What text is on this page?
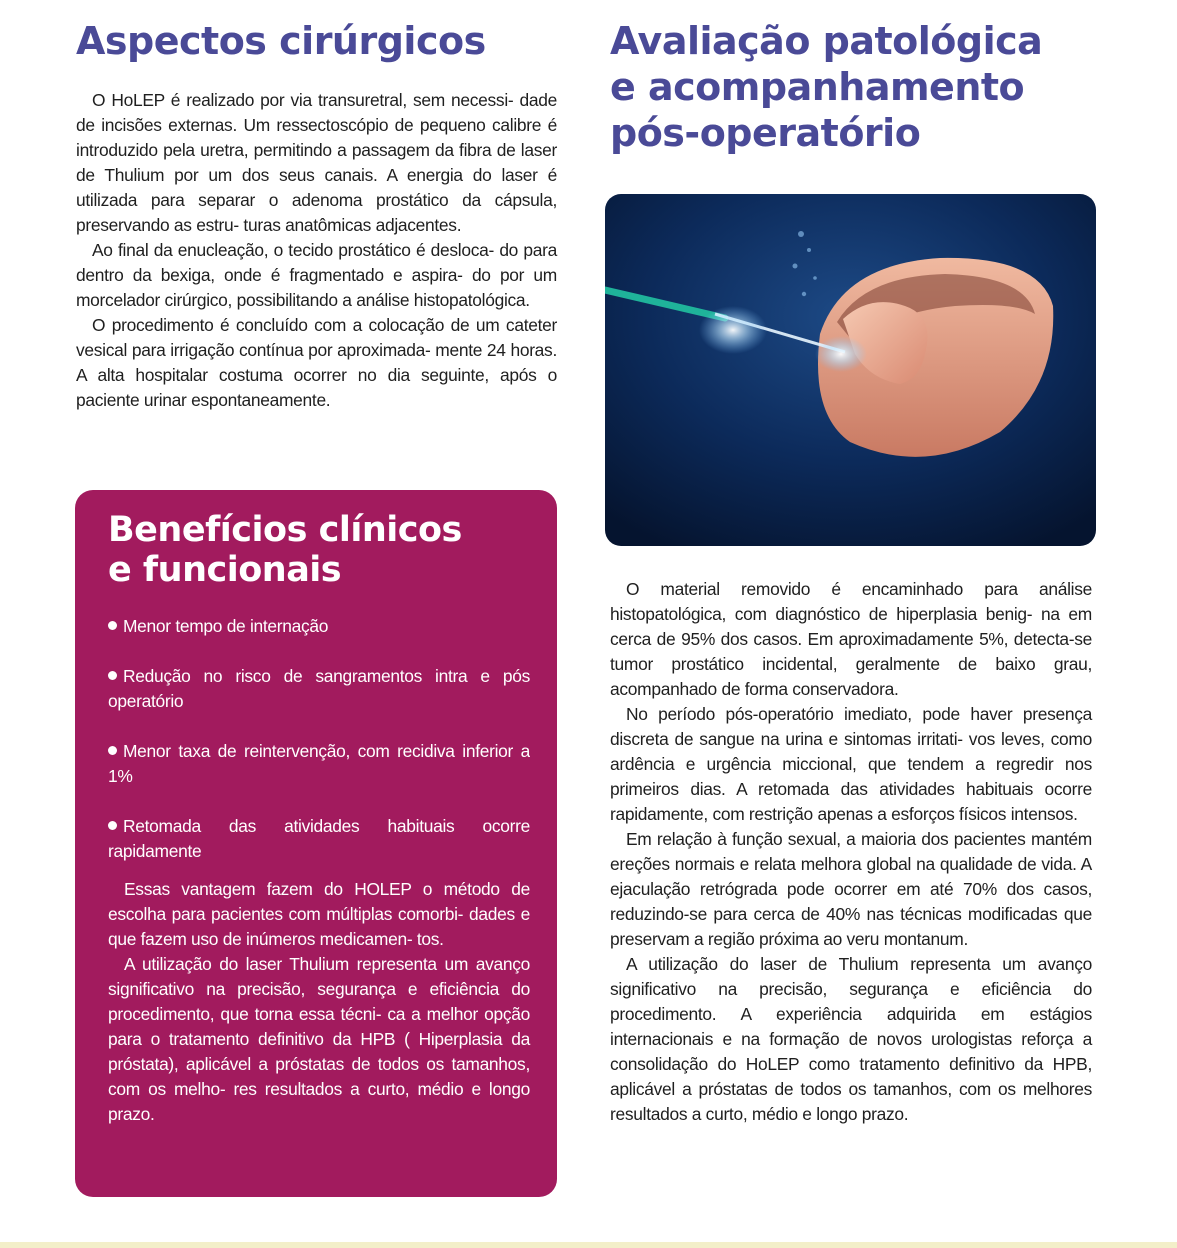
Aspectos cirúrgicos
O HoLEP é realizado por via transuretral, sem necessi- dade de incisões externas. Um ressectoscópio de pequeno calibre é introduzido pela uretra, permitindo a passagem da fibra de laser de Thulium por um dos seus canais. A energia do laser é utilizada para separar o adenoma prostático da cápsula, preservando as estru- turas anatômicas adjacentes.
Ao final da enucleação, o tecido prostático é desloca- do para dentro da bexiga, onde é fragmentado e aspira- do por um morcelador cirúrgico, possibilitando a análise histopatológica.
O procedimento é concluído com a colocação de um cateter vesical para irrigação contínua por aproximada- mente 24 horas. A alta hospitalar costuma ocorrer no dia seguinte, após o paciente urinar espontaneamente.
Benefícios clínicos
e funcionais
Menor tempo de internação
Redução no risco de sangramentos intra e pós operatório
Menor taxa de reintervenção, com recidiva inferior a 1%
Retomada das atividades habituais ocorre rapidamente
Essas vantagem fazem do HOLEP o método de escolha para pacientes com múltiplas comorbi- dades e que fazem uso de inúmeros medicamen- tos.
A utilização do laser Thulium representa um avanço significativo na precisão, segurança e eficiência do procedimento, que torna essa técni- ca a melhor opção para o tratamento definitivo da HPB ( Hiperplasia da próstata), aplicável a próstatas de todos os tamanhos, com os melho- res resultados a curto, médio e longo prazo.
Avaliação patológica
e acompanhamento
pós-operatório
O material removido é encaminhado para análise histopatológica, com diagnóstico de hiperplasia benig- na em cerca de 95% dos casos. Em aproximadamente 5%, detecta-se tumor prostático incidental, geralmente de baixo grau, acompanhado de forma conservadora.
No período pós-operatório imediato, pode haver presença discreta de sangue na urina e sintomas irritati- vos leves, como ardência e urgência miccional, que tendem a regredir nos primeiros dias. A retomada das atividades habituais ocorre rapidamente, com restrição apenas a esforços físicos intensos.
Em relação à função sexual, a maioria dos pacientes mantém ereções normais e relata melhora global na qualidade de vida. A ejaculação retrógrada pode ocorrer em até 70% dos casos, reduzindo-se para cerca de 40% nas técnicas modificadas que preservam a região próxima ao veru montanum.
A utilização do laser de Thulium representa um avanço significativo na precisão, segurança e eficiência do procedimento. A experiência adquirida em estágios internacionais e na formação de novos urologistas reforça a consolidação do HoLEP como tratamento definitivo da HPB, aplicável a próstatas de todos os tamanhos, com os melhores resultados a curto, médio e longo prazo.
